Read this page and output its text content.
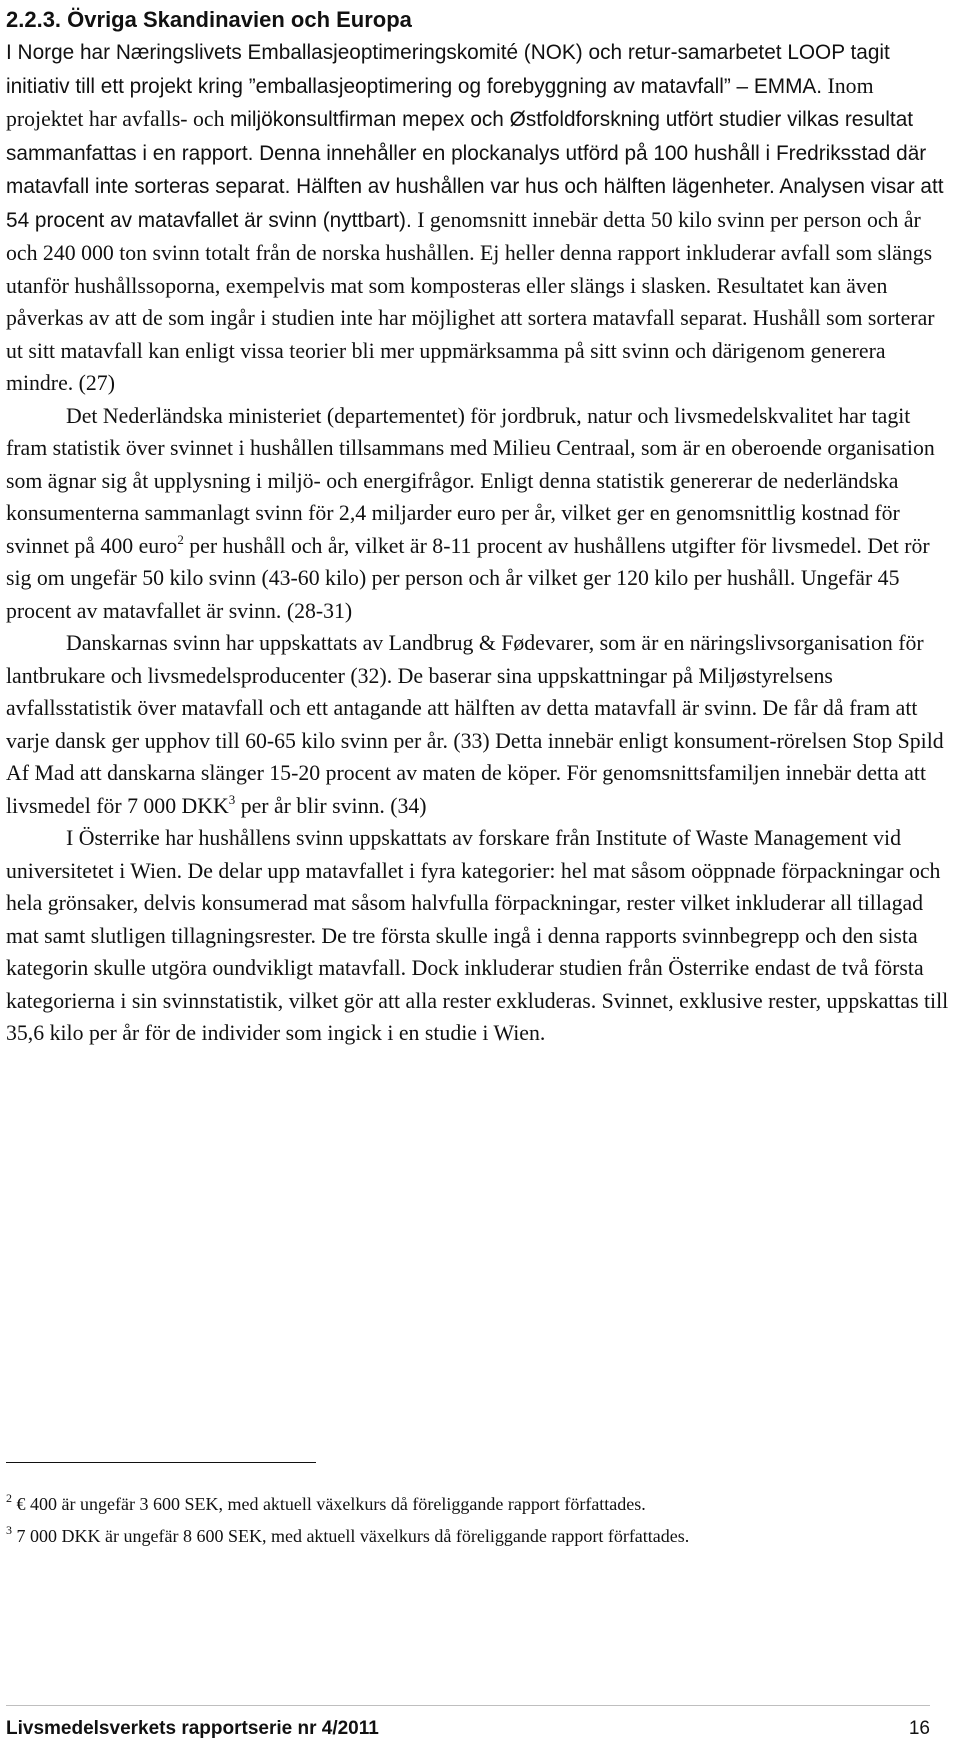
2.2.3. Övriga Skandinavien och Europa

I Norge har Næringslivets Emballasjeoptimeringskomité (NOK) och retur-samarbetet LOOP tagit initiativ till ett projekt kring ”emballasjeoptimering og forebyggning av matavfall” – EMMA. Inom projektet har avfalls- och miljökonsultfirman mepex och Østfoldforskning utfört studier vilkas resultat sammanfattas i en rapport. Denna innehåller en plockanalys utförd på 100 hushåll i Fredriksstad där matavfall inte sorteras separat. Hälften av hushållen var hus och hälften lägenheter. Analysen visar att 54 procent av matavfallet är svinn (nyttbart). I genomsnitt innebär detta 50 kilo svinn per person och år och 240 000 ton svinn totalt från de norska hushållen. Ej heller denna rapport inkluderar avfall som slängs utanför hushållssoporna, exempelvis mat som komposteras eller slängs i slasken. Resultatet kan även påverkas av att de som ingår i studien inte har möjlighet att sortera matavfall separat. Hushåll som sorterar ut sitt matavfall kan enligt vissa teorier bli mer uppmärksamma på sitt svinn och därigenom generera mindre. (27)

Det Nederländska ministeriet (departementet) för jordbruk, natur och livsmedelskvalitet har tagit fram statistik över svinnet i hushållen tillsammans med Milieu Centraal, som är en oberoende organisation som ägnar sig åt upplysning i miljö- och energifrågor. Enligt denna statistik genererar de nederländska konsumenterna sammanlagt svinn för 2,4 miljarder euro per år, vilket ger en genomsnittlig kostnad för svinnet på 400 euro$^2$ per hushåll och år, vilket är 8-11 procent av hushållens utgifter för livsmedel. Det rör sig om ungefär 50 kilo svinn (43-60 kilo) per person och år vilket ger 120 kilo per hushåll. Ungefär 45 procent av matavfallet är svinn. (28-31)

Danskarnas svinn har uppskattats av Landbrug & Fødevarer, som är en näringslivsorganisation för lantbrukare och livsmedelsproducenter (32). De baserar sina uppskattningar på Miljøstyrelsens avfallsstatistik över matavfall och ett antagande att hälften av detta matavfall är svinn. De får då fram att varje dansk ger upphov till 60-65 kilo svinn per år. (33) Detta innebär enligt konsument-rörelsen Stop Spild Af Mad att danskarna slänger 15-20 procent av maten de köper. För genomsnittsfamiljen innebär detta att livsmedel för 7 000 DKK$^3$ per år blir svinn. (34)

I Österrike har hushållens svinn uppskattats av forskare från Institute of Waste Management vid universitetet i Wien. De delar upp matavfallet i fyra kategorier: hel mat såsom oöppnade förpackningar och hela grönsaker, delvis konsumerad mat såsom halvfulla förpackningar, rester vilket inkluderar all tillagad mat samt slutligen tillagningsrester. De tre första skulle ingå i denna rapports svinnbegrepp och den sista kategorin skulle utgöra oundvikligt matavfall. Dock inkluderar studien från Österrike endast de två första kategorierna i sin svinnstatistik, vilket gör att alla rester exkluderas. Svinnet, exklusive rester, uppskattas till 35,6 kilo per år för de individer som ingick i en studie i Wien.

$^2$ € 400 är ungefär 3 600 SEK, med aktuell växelkurs då föreliggande rapport författades.
$^3$ 7 000 DKK är ungefär 8 600 SEK, med aktuell växelkurs då föreliggande rapport författades.
Livsmedelsverkets rapportserie nr 4/2011	16
